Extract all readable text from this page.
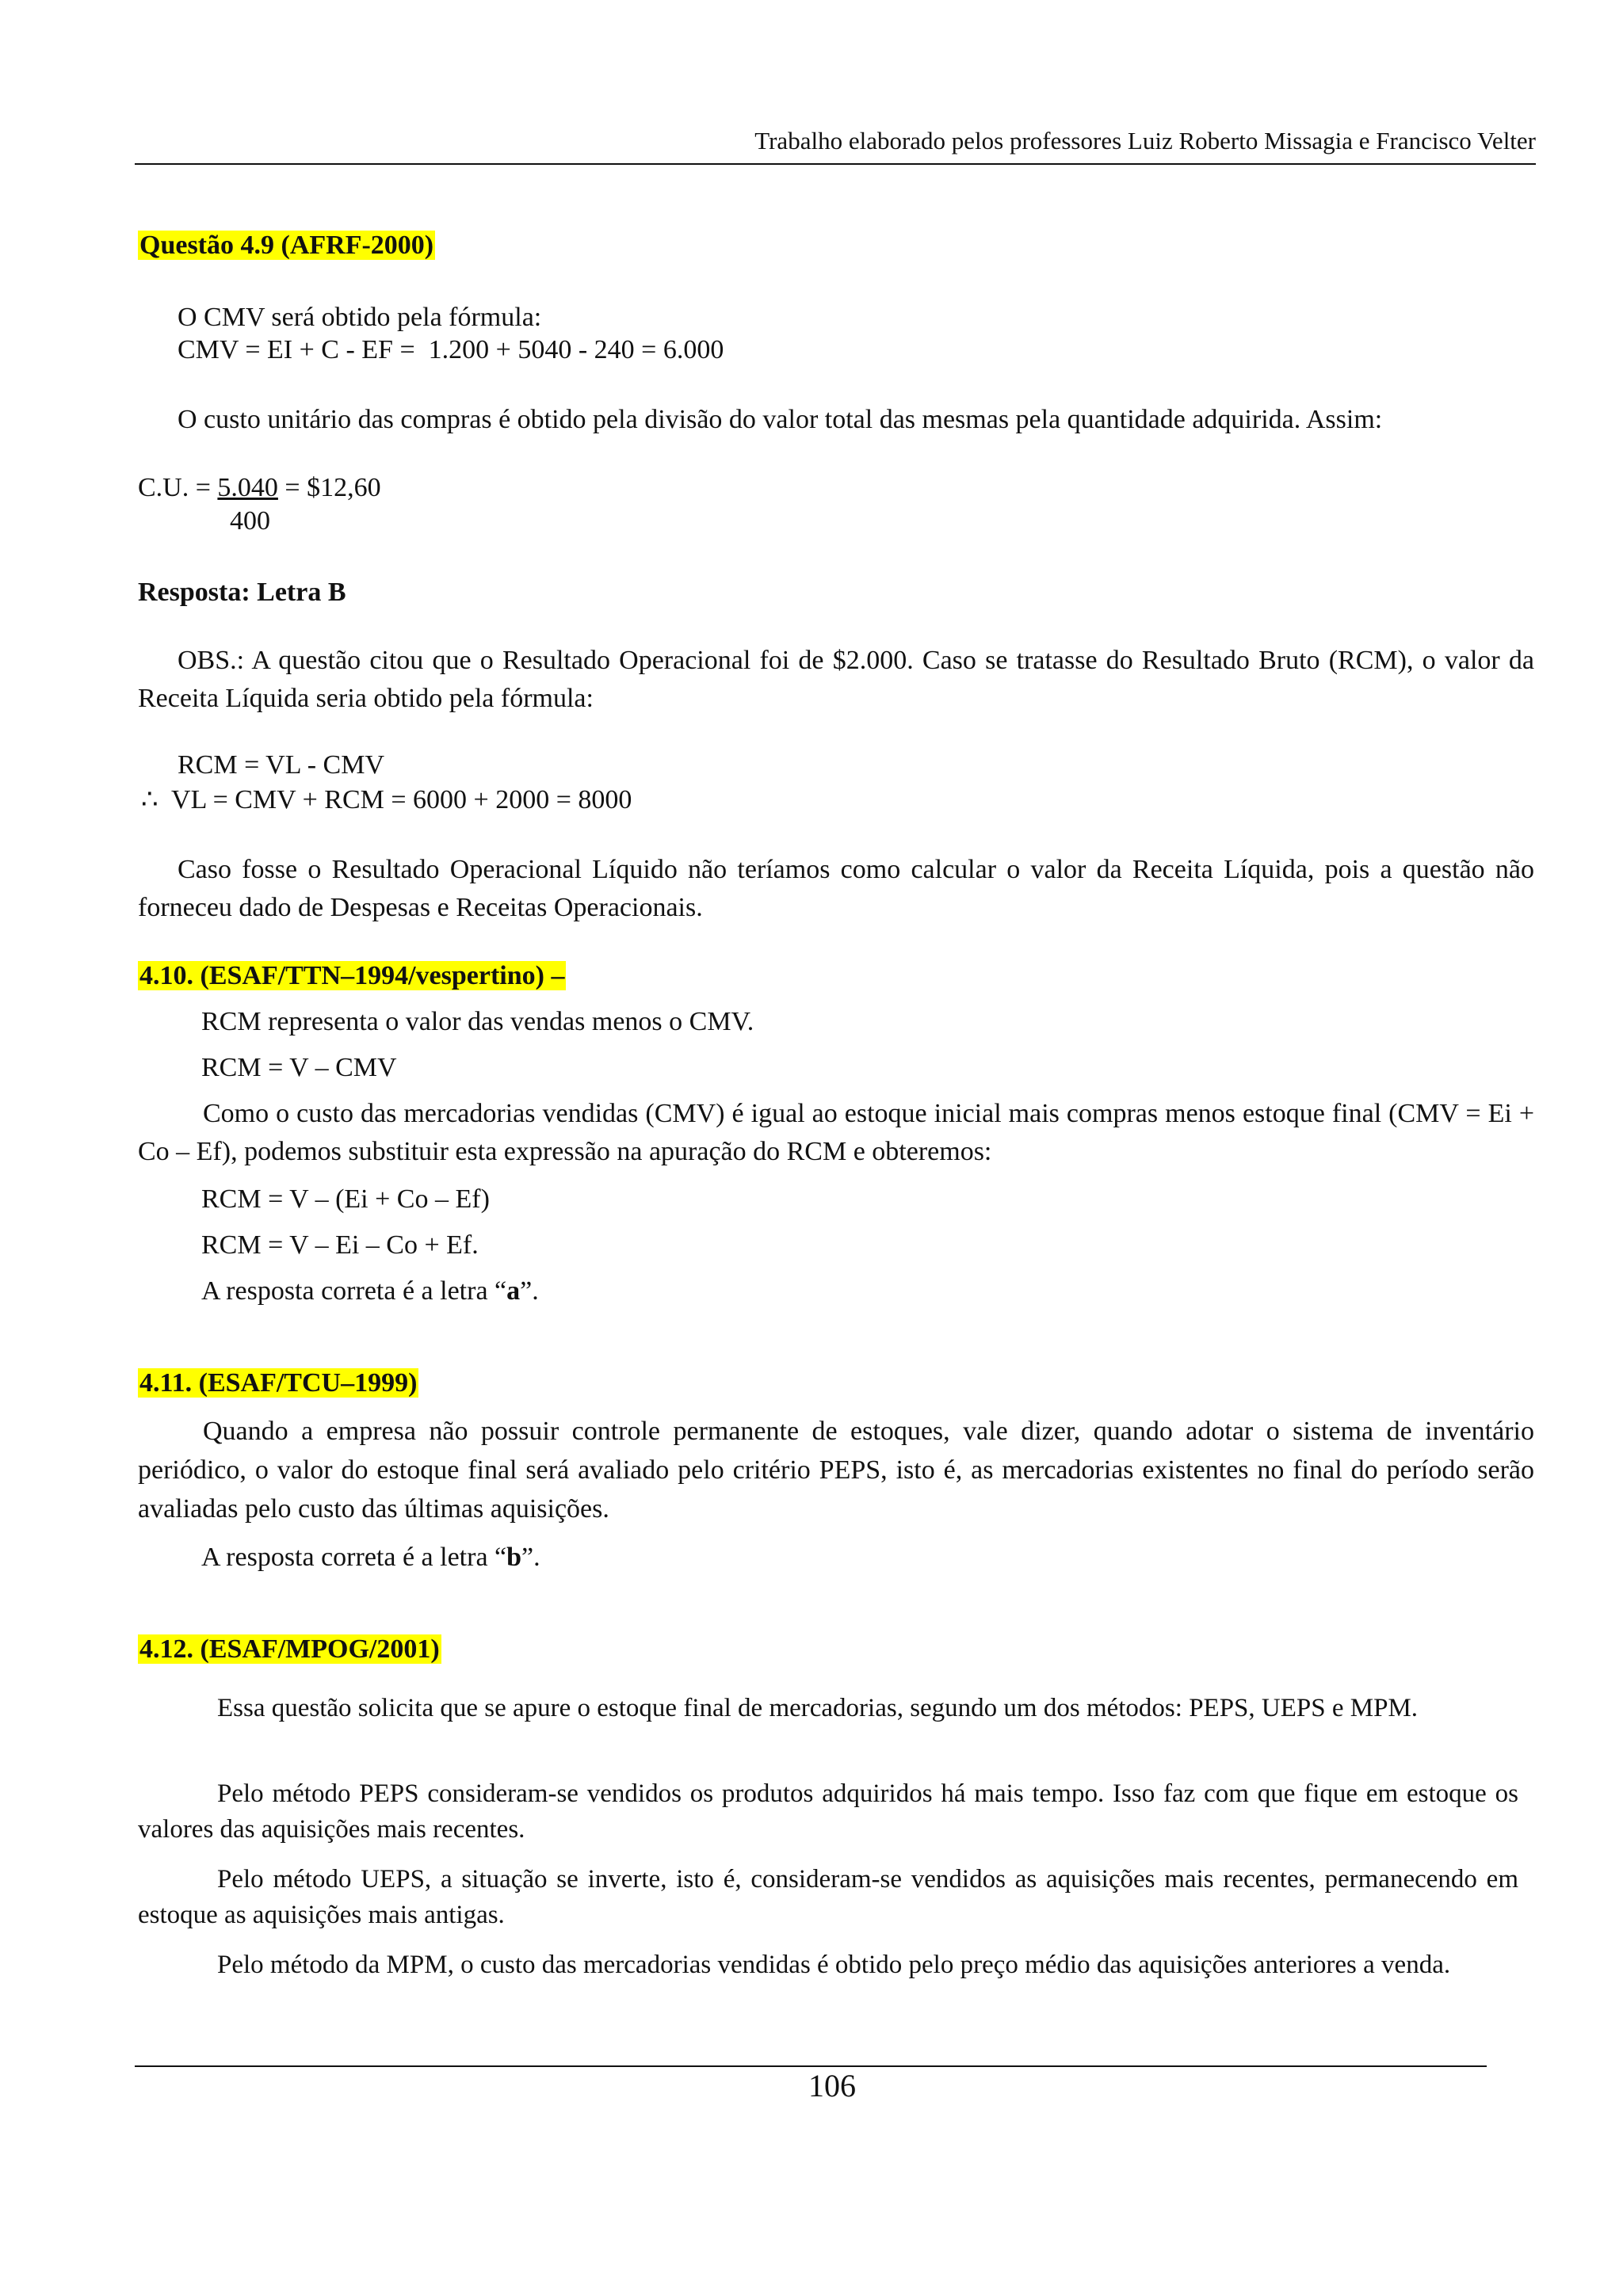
Trabalho elaborado pelos professores Luiz Roberto Missagia e Francisco Velter
Questão 4.9 (AFRF-2000)

O CMV será obtido pela fórmula:

CMV = EI + C - EF =  1.200 + 5040 - 240 = 6.000

O custo unitário das compras é obtido pela divisão do valor total das mesmas pela quantidade adquirida. Assim:

C.U. = 5.040 = $12,60

400

Resposta: Letra B

OBS.: A questão citou que o Resultado Operacional foi de $2.000. Caso se tratasse do Resultado Bruto (RCM), o valor da Receita Líquida seria obtido pela fórmula:

RCM = VL - CMV

∴  VL = CMV + RCM = 6000 + 2000 = 8000

Caso fosse o Resultado Operacional Líquido não teríamos como calcular o valor da Receita Líquida, pois a questão não forneceu dado de Despesas e Receitas Operacionais.

4.10. (ESAF/TTN–1994/vespertino) –

RCM representa o valor das vendas menos o CMV.

RCM = V – CMV

Como o custo das mercadorias vendidas (CMV) é igual ao estoque inicial mais compras menos estoque final (CMV = Ei + Co – Ef), podemos substituir esta expressão na apuração do RCM e obteremos:

RCM = V – (Ei + Co – Ef)

RCM = V – Ei – Co + Ef.

A resposta correta é a letra “a”.
4.11. (ESAF/TCU–1999)

Quando a empresa não possuir controle permanente de estoques, vale dizer, quando adotar o sistema de inventário periódico, o valor do estoque final será avaliado pelo critério PEPS, isto é, as mercadorias existentes no final do período serão avaliadas pelo custo das últimas aquisições.

A resposta correta é a letra “b”.
4.12. (ESAF/MPOG/2001)

Essa questão solicita que se apure o estoque final de mercadorias, segundo um dos métodos: PEPS, UEPS e MPM.

Pelo método PEPS consideram-se vendidos os produtos adquiridos há mais tempo. Isso faz com que fique em estoque os valores das aquisições mais recentes.

Pelo método UEPS, a situação se inverte, isto é, consideram-se vendidos as aquisições mais recentes, permanecendo em estoque as aquisições mais antigas.

Pelo método da MPM, o custo das mercadorias vendidas é obtido pelo preço médio das aquisições anteriores a venda.

106
